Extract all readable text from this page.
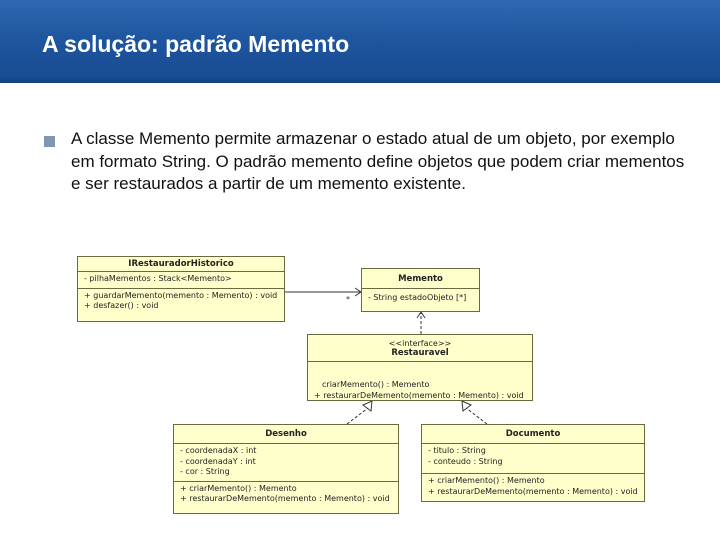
A solução: padrão Memento
A classe Memento permite armazenar o estado atual de um objeto, por exemplo em formato String. O padrão memento define objetos que podem criar mementos e ser restaurados a partir de um memento existente.
*
IRestauradorHistorico
- pilhaMementos : Stack<Memento>
+ guardarMemento(memento : Memento) : void
+ desfazer() : void
Memento
- String estadoObjeto [*]
<<interface>>
Restauravel
criarMemento() : Memento
+ restaurarDeMemento(memento : Memento) : void
Desenho
- coordenadaX : int
- coordenadaY : int
- cor : String
+ criarMemento() : Memento
+ restaurarDeMemento(memento : Memento) : void
Documento
- titulo : String
- conteudo : String
+ criarMemento() : Memento
+ restaurarDeMemento(memento : Memento) : void
